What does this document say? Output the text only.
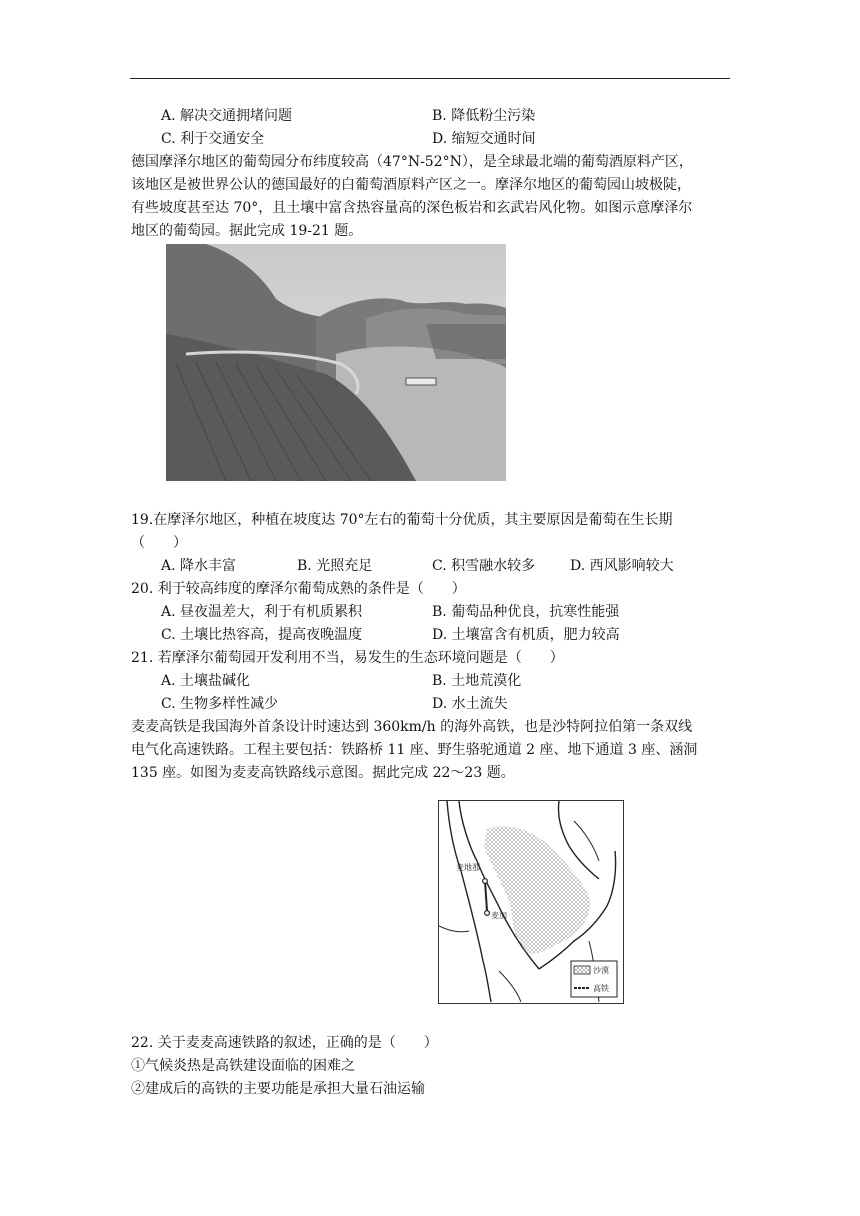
A. 解决交通拥堵问题	B. 降低粉尘污染
C. 利于交通安全	D. 缩短交通时间
德国摩泽尔地区的葡萄园分布纬度较高（47°N-52°N），是全球最北端的葡萄酒原料产区，
该地区是被世界公认的德国最好的白葡萄酒原料产区之一。摩泽尔地区的葡萄园山坡极陡，
有些坡度甚至达 70°，且土壤中富含热容量高的深色板岩和玄武岩风化物。如图示意摩泽尔
地区的葡萄园。据此完成 19-21 题。
19.在摩泽尔地区，种植在坡度达 70°左右的葡萄十分优质，其主要原因是葡萄在生长期
（　　）
A. 降水丰富	B. 光照充足	C. 积雪融水较多 D. 西风影响较大
20. 利于较高纬度的摩泽尔葡萄成熟的条件是（　　）
A. 昼夜温差大，利于有机质累积	B. 葡萄品种优良，抗寒性能强
C. 土壤比热容高，提高夜晚温度	D. 土壤富含有机质，肥力较高
21. 若摩泽尔葡萄园开发利用不当，易发生的生态环境问题是（　　）
A. 土壤盐碱化	B. 土地荒漠化
C. 生物多样性减少	D. 水土流失
麦麦高铁是我国海外首条设计时速达到 360km/h 的海外高铁，也是沙特阿拉伯第一条双线
电气化高速铁路。工程主要包括：铁路桥 11 座、野生骆驼通道 2 座、地下通道 3 座、涵洞
135 座。如图为麦麦高铁路线示意图。据此完成 22～23 题。
麦地那
麦加
沙漠
高铁
22. 关于麦麦高速铁路的叙述，正确的是（　　）
①气候炎热是高铁建设面临的困难之
②建成后的高铁的主要功能是承担大量石油运输
